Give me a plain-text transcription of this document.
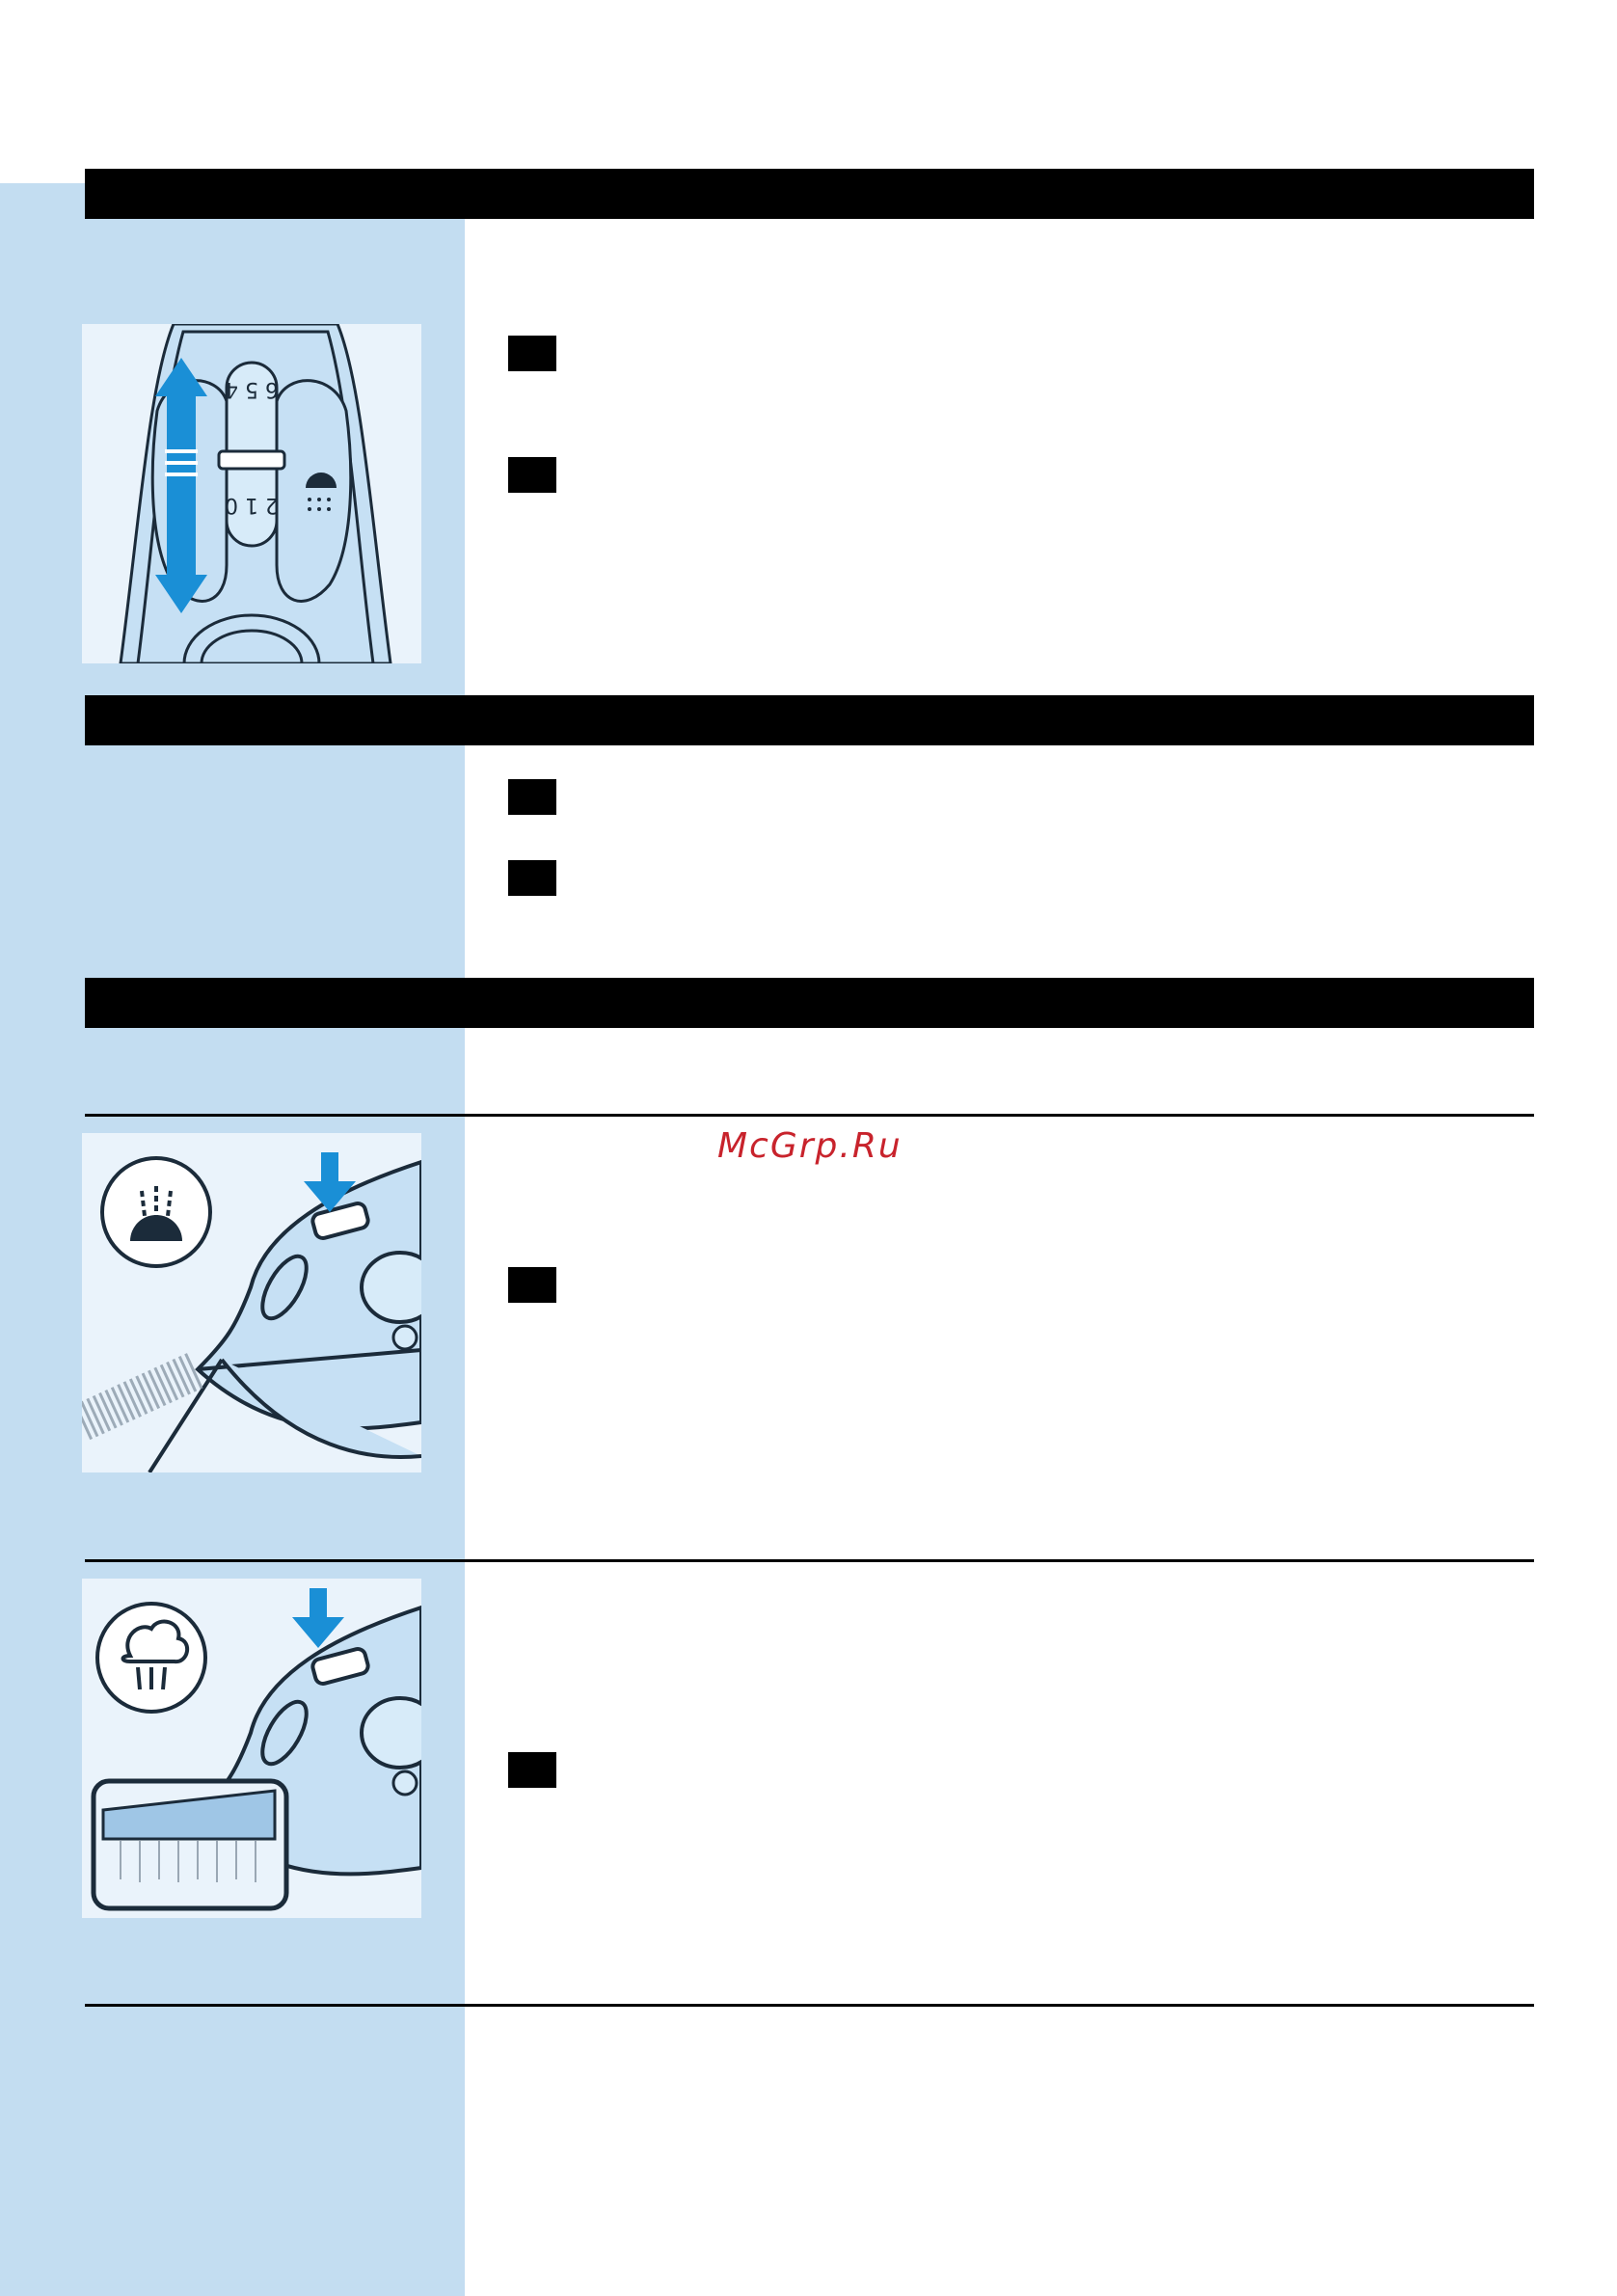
6 5 4
2 1 0
McGrp.Ru
